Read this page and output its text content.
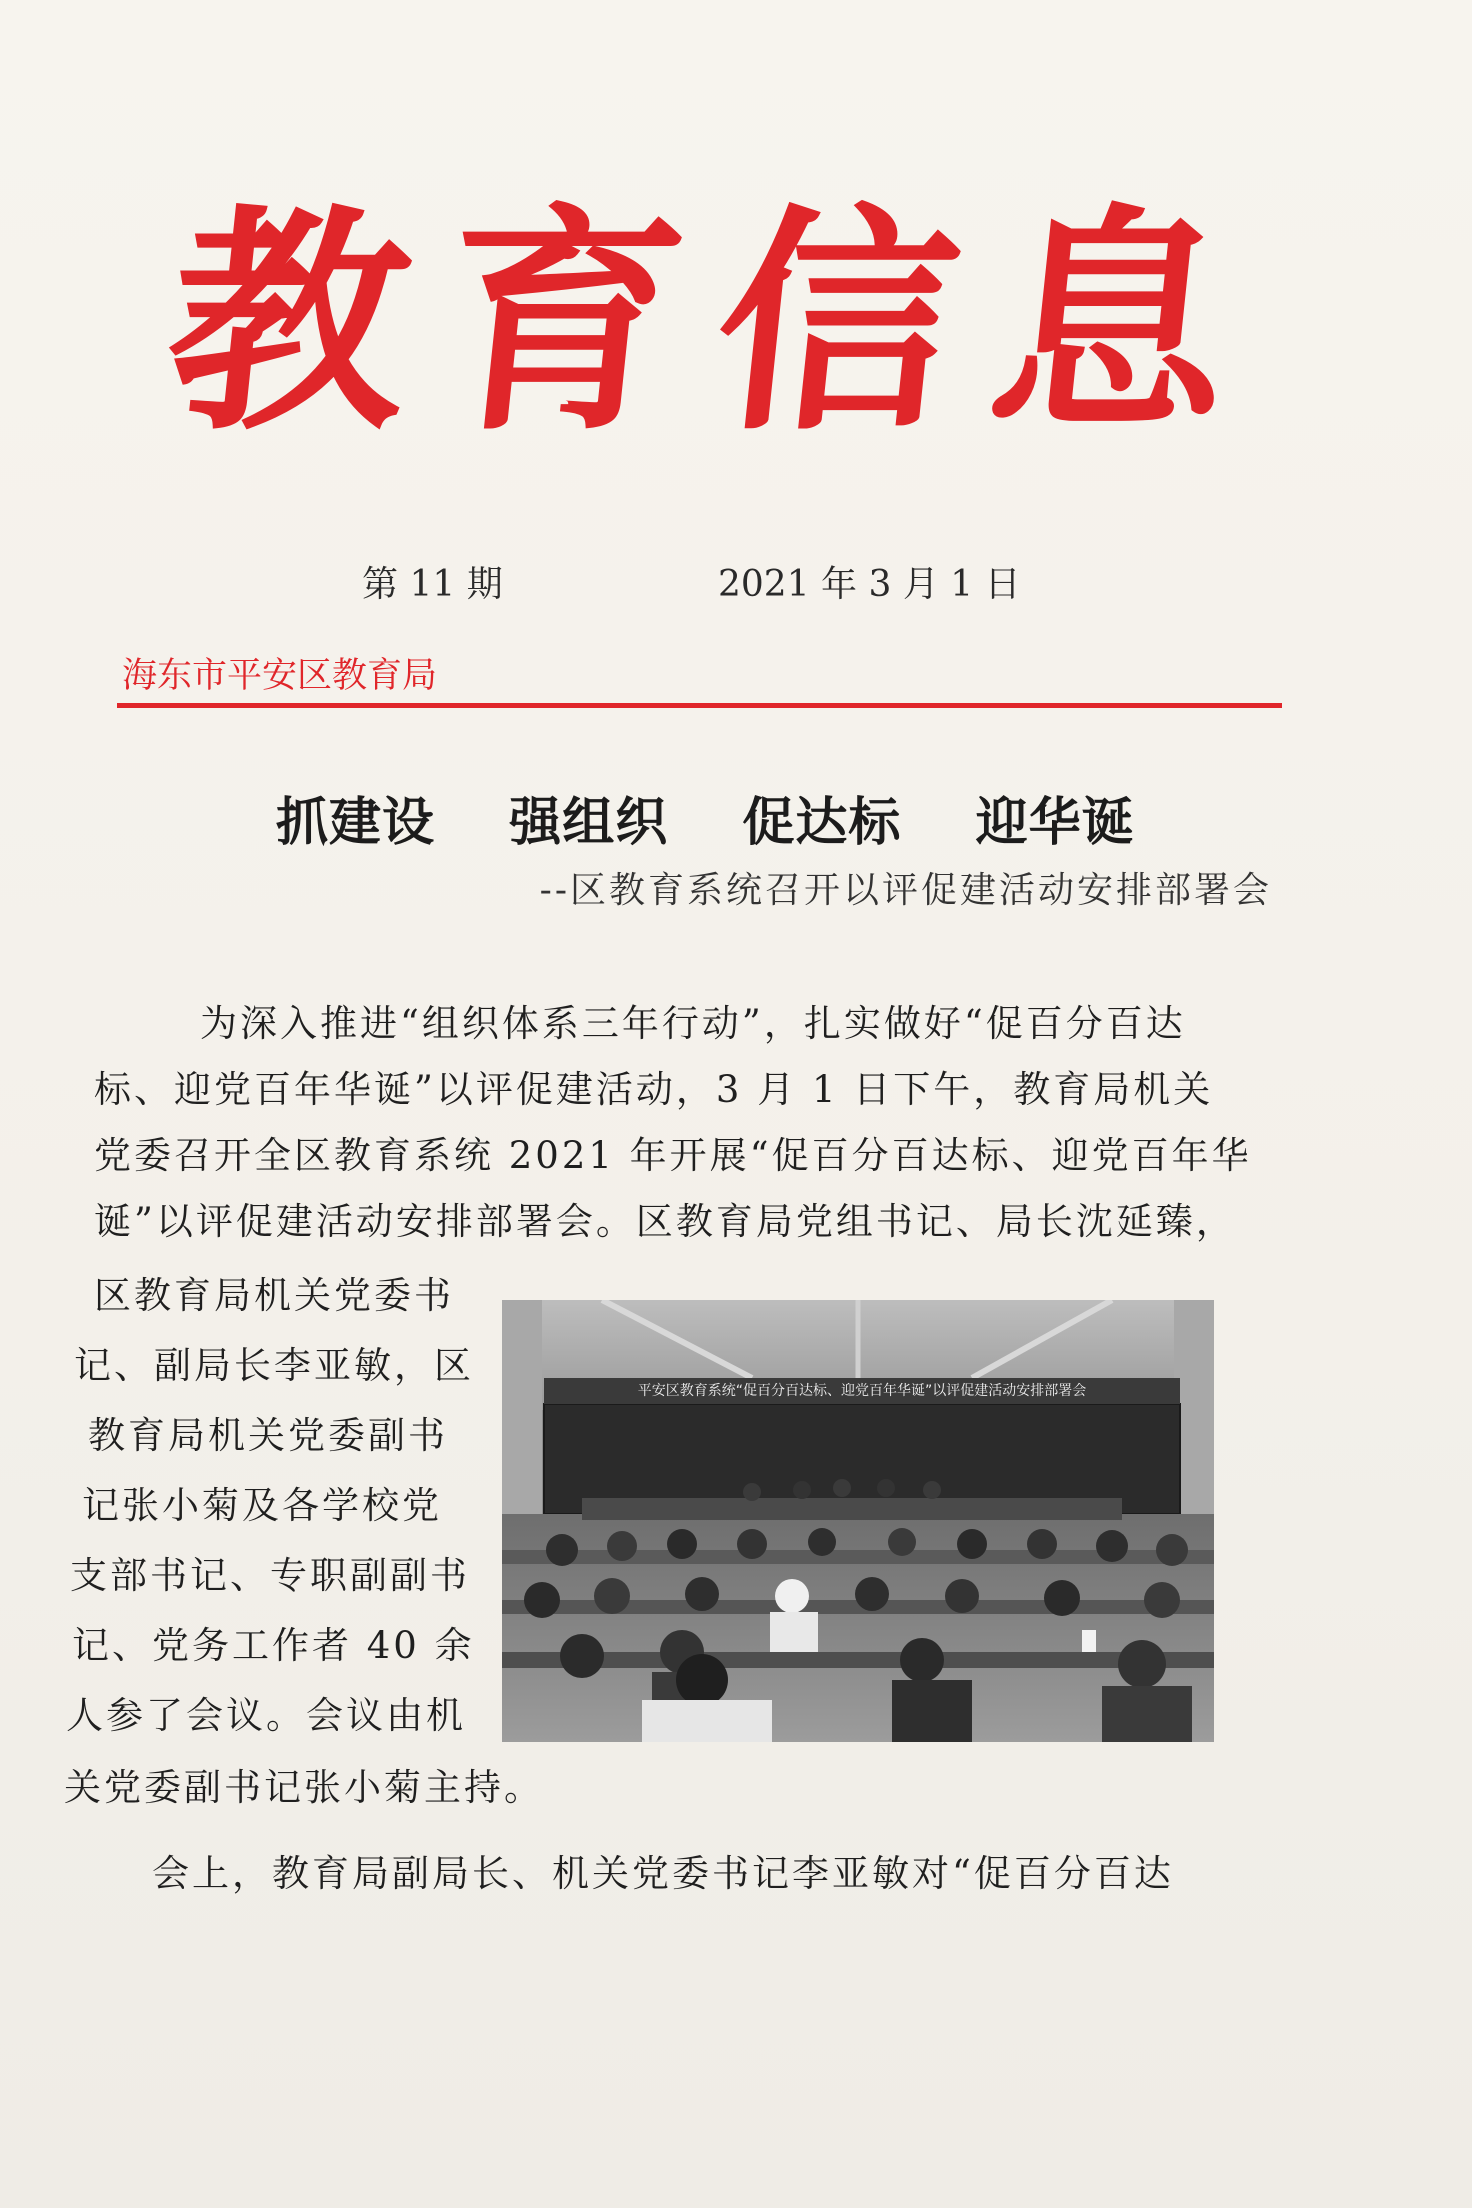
教 育 信 息
第 11 期	2021 年 3 月 1 日
海东市平安区教育局
抓建设  强组织  促达标  迎华诞
--区教育系统召开以评促建活动安排部署会
　　为深入推进“组织体系三年行动”，扎实做好“促百分百达
标、迎党百年华诞”以评促建活动，3 月 1 日下午，教育局机关
党委召开全区教育系统 2021 年开展“促百分百达标、迎党百年华
诞”以评促建活动安排部署会。区教育局党组书记、局长沈延臻，
区教育局机关党委书
记、副局长李亚敏，区
教育局机关党委副书
记张小菊及各学校党
支部书记、专职副副书
记、党务工作者 40 余
人参了会议。会议由机
关党委副书记张小菊主持。
　　会上，教育局副局长、机关党委书记李亚敏对“促百分百达
平安区教育系统“促百分百达标、迎党百年华诞”以评促建活动安排部署会
